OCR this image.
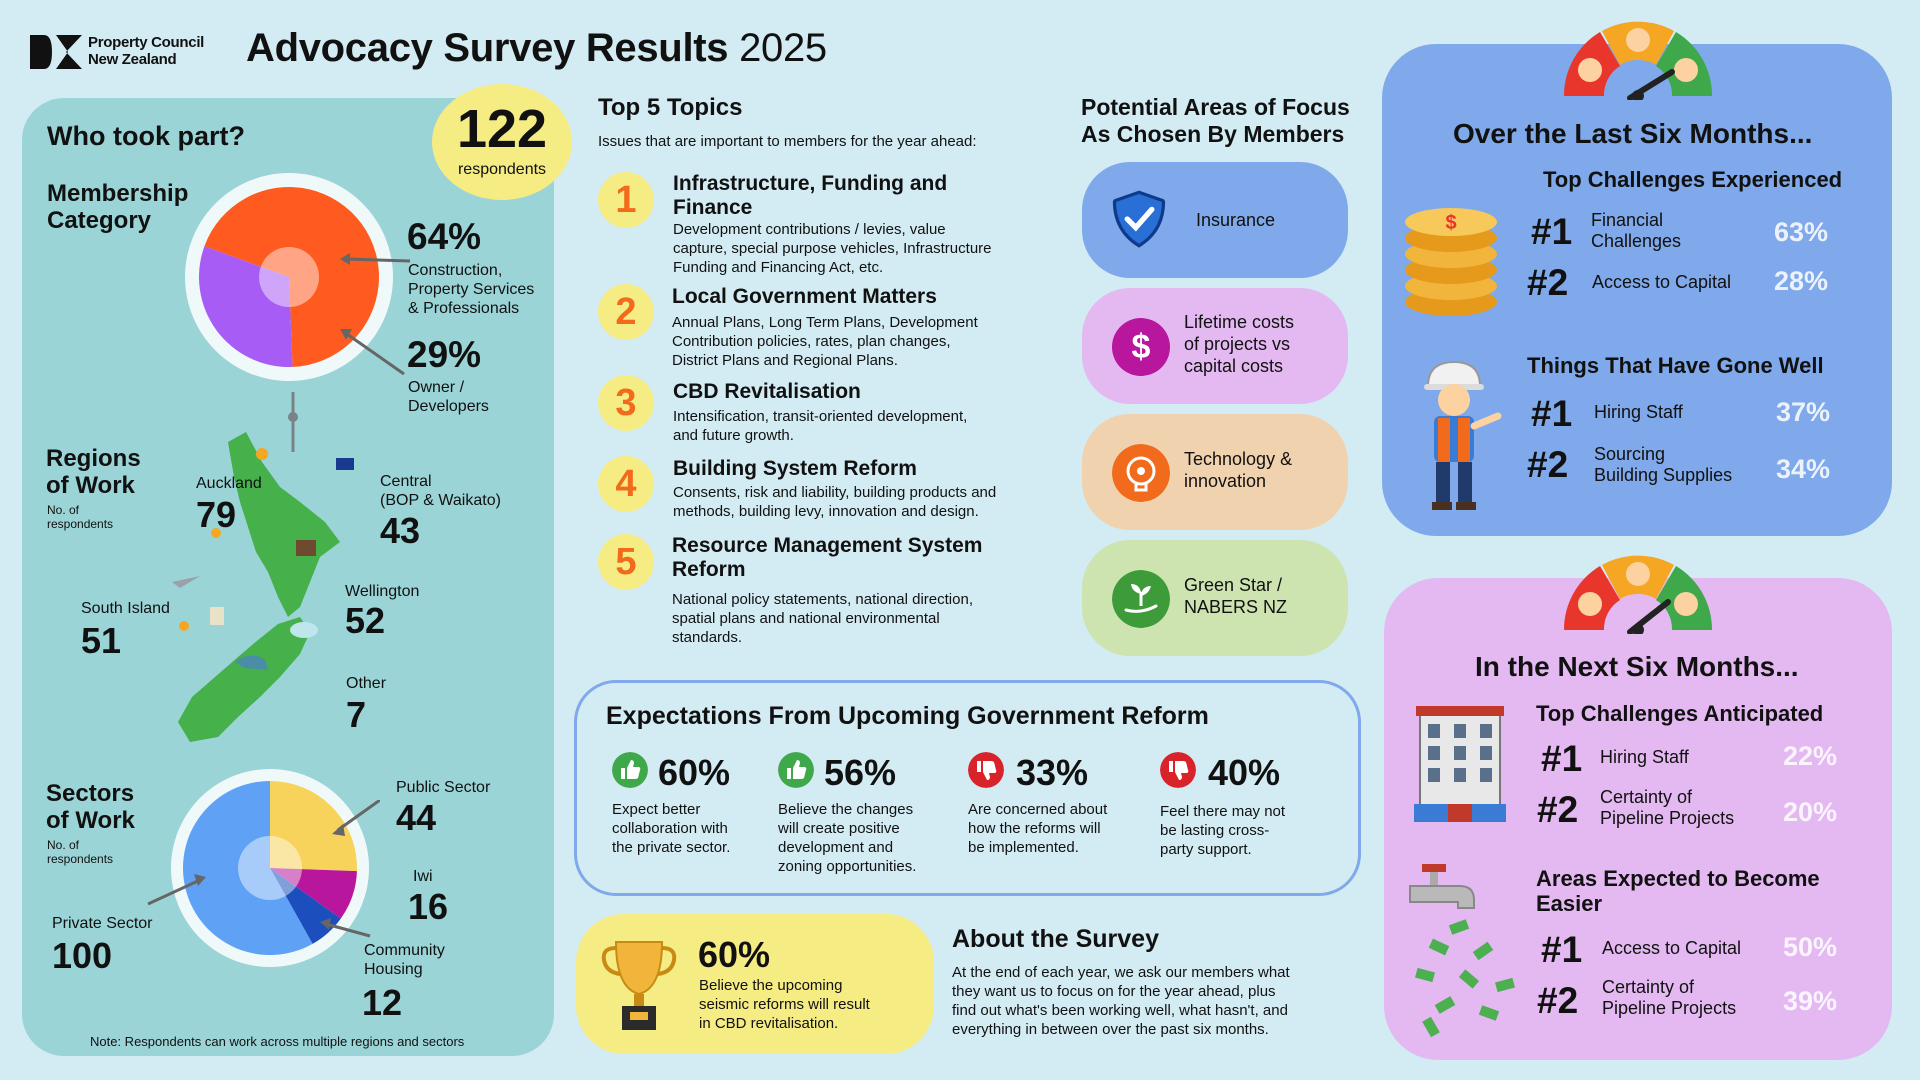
Property Council
New Zealand	Advocacy Survey Results 2025
Who took part?	122
respondents
Membership
Category	64%
Construction,
Property Services
& Professionals
29%
Owner /
Developers
Regions
of Work
No. of
respondents
Auckland
79
Central
(BOP & Waikato)
43
Wellington
52
South Island
51
Other
7
Sectors
of Work
No. of
respondents
Public Sector
44
Iwi
16
Community
Housing
12
Private Sector
100
Note: Respondents can work across multiple regions and sectors
Top 5 Topics
Issues that are important to members for the year ahead:
1	Infrastructure, Funding and
Finance
Development contributions / levies, value
capture, special purpose vehicles, Infrastructure
Funding and Financing Act, etc.
2	Local Government Matters
Annual Plans, Long Term Plans, Development
Contribution policies, rates, plan changes,
District Plans and Regional Plans.
3	CBD Revitalisation
Intensification, transit-oriented development,
and future growth.
4	Building System Reform
Consents, risk and liability, building products and
methods, building levy, innovation and design.
5	Resource Management System
Reform
National policy statements, national direction,
spatial plans and national environmental
standards.
Potential Areas of Focus
As Chosen By Members
Insurance
$
Lifetime costs
of projects vs
capital costs
Technology &
innovation
Green Star /
NABERS NZ
Expectations From Upcoming Government Reform
60%
Expect better
collaboration with
the private sector.
56%
Believe the changes
will create positive
development and
zoning opportunities.
33%
Are concerned about
how the reforms will
be implemented.
40%
Feel there may not
be lasting cross-
party support.
60%
Believe the upcoming
seismic reforms will result
in CBD revitalisation.
About the Survey
At the end of each year, we ask our members what
they want us to focus on for the year ahead, plus
find out what's been working well, what hasn't, and
everything in between over the past six months.
Over the Last Six Months...
Top Challenges Experienced
$ #1 Financial
Challenges	63%
#2 Access to Capital 28%
Things That Have Gone Well
#1 Hiring Staff	37%
#2 Sourcing
Building Supplies 34%
In the Next Six Months...
Top Challenges Anticipated
#1 Hiring Staff	22%
#2 Certainty of
Pipeline Projects 20%
Areas Expected to Become
Easier
#1 Access to Capital 50%
#2 Certainty of
Pipeline Projects 39%
